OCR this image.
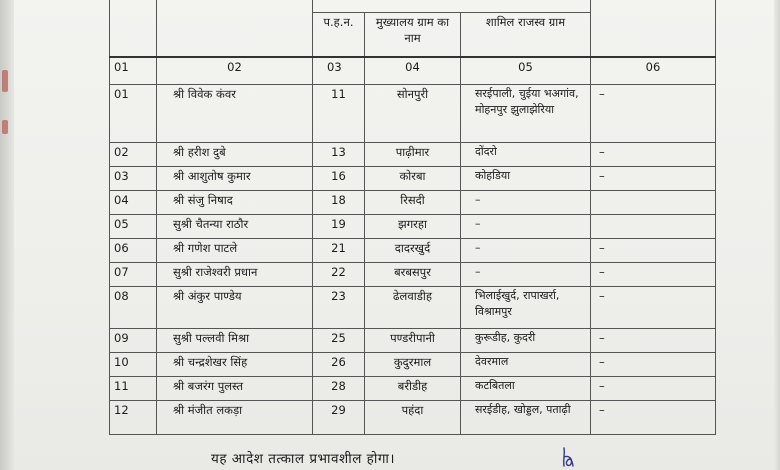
		प.ह.न.	मुख्यालय ग्राम का नाम	शामिल राजस्व ग्राम	
01	02	03	04	05	06
01	श्री विवेक कंवर	11	सोनपुरी	सरईपाली, चुईया भअगांव, मोहनपुर झुलाझेरिया	–
02	श्री हरीश दुबे	13	पाढ़ीमार	दोंदरो	–
03	श्री आशुतोष कुमार	16	कोरबा	कोहडिया	–
04	श्री संजु निषाद	18	रिसदी	–	
05	सुश्री चैतन्या राठौर	19	झगरहा	–	
06	श्री गणेश पाटले	21	दादरखुर्द	–	–
07	सुश्री राजेश्वरी प्रधान	22	बरबसपुर	–	–
08	श्री अंकुर पाण्डेय	23	ढेलवाडीह	भिलाईखुर्द, रापाखर्रा, विश्रामपुर	–
09	सुश्री पल्लवी मिश्रा	25	पण्डरीपानी	कुरूडीह, कुदरी	–
10	श्री चन्द्रशेखर सिंह	26	कुदुरमाल	देवरमाल	–
11	श्री बजरंग पुलस्त	28	बरीडीह	कटबितला	–
12	श्री मंजीत लकड़ा	29	पहंदा	सरईडीह, खोड्डल, पताढ़ी	–
यह आदेश तत्काल प्रभावशील होगा।
